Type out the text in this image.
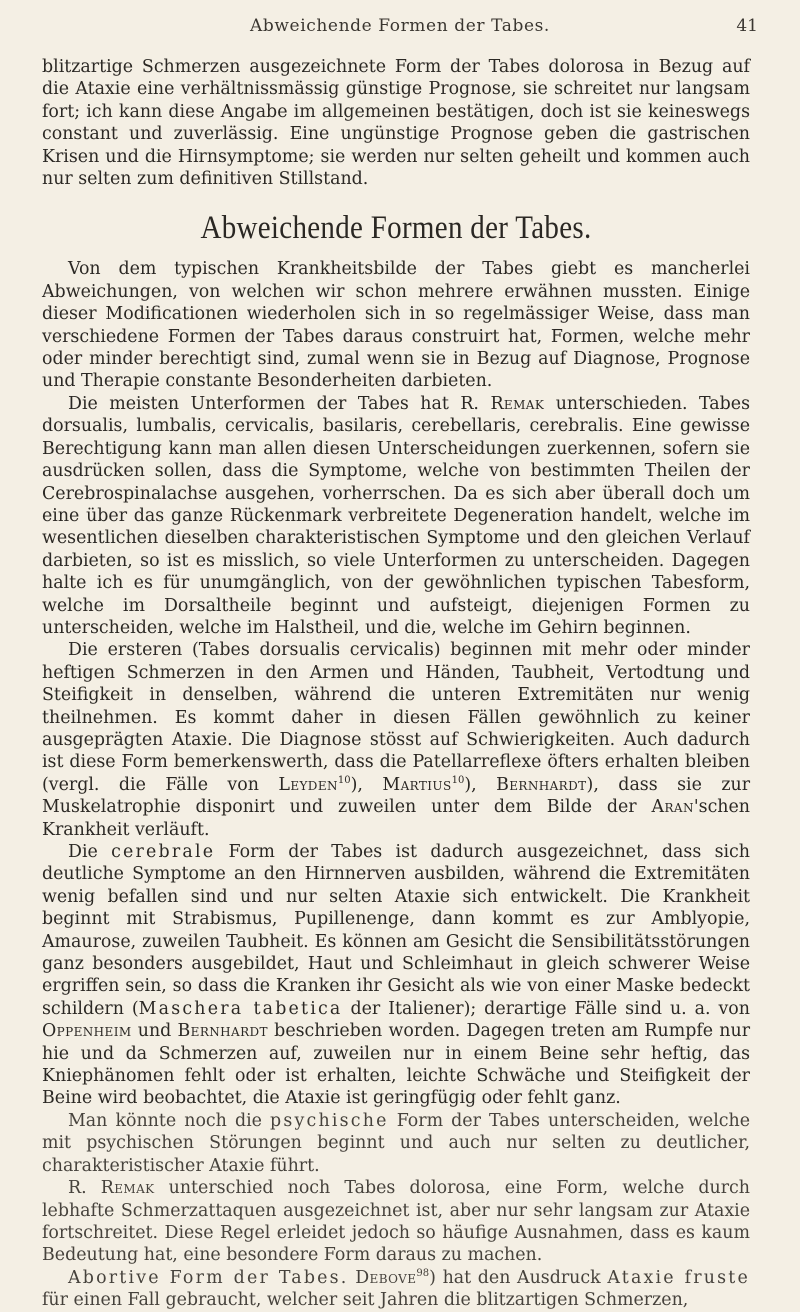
Abweichende Formen der Tabes.	41

blitzartige Schmerzen ausgezeichnete Form der Tabes dolorosa in Bezug auf die Ataxie eine verhältnissmässig günstige Prognose, sie schreitet nur langsam fort; ich kann diese Angabe im allgemeinen bestätigen, doch ist sie keineswegs constant und zuverlässig. Eine ungünstige Prognose geben die gastrischen Krisen und die Hirnsymptome; sie werden nur selten geheilt und kommen auch nur selten zum definitiven Stillstand.

Abweichende Formen der Tabes.

Von dem typischen Krankheitsbilde der Tabes giebt es mancherlei Abweichungen, von welchen wir schon mehrere erwähnen mussten. Einige dieser Modificationen wiederholen sich in so regelmässiger Weise, dass man verschiedene Formen der Tabes daraus construirt hat, Formen, welche mehr oder minder berechtigt sind, zumal wenn sie in Bezug auf Diagnose, Prognose und Therapie constante Besonderheiten darbieten.

Die meisten Unterformen der Tabes hat R. Remak unterschieden. Tabes dorsualis, lumbalis, cervicalis, basilaris, cerebellaris, cerebralis. Eine gewisse Berechtigung kann man allen diesen Unterscheidungen zuerkennen, sofern sie ausdrücken sollen, dass die Symptome, welche von bestimmten Theilen der Cerebrospinalachse ausgehen, vorherrschen. Da es sich aber überall doch um eine über das ganze Rückenmark verbreitete Degeneration handelt, welche im wesentlichen dieselben charakteristischen Symptome und den gleichen Verlauf darbieten, so ist es misslich, so viele Unterformen zu unterscheiden. Dagegen halte ich es für unumgänglich, von der gewöhnlichen typischen Tabesform, welche im Dorsaltheile beginnt und aufsteigt, diejenigen Formen zu unterscheiden, welche im Halstheil, und die, welche im Gehirn beginnen.

Die ersteren (Tabes dorsualis cervicalis) beginnen mit mehr oder minder heftigen Schmerzen in den Armen und Händen, Taubheit, Vertodtung und Steifigkeit in denselben, während die unteren Extremitäten nur wenig theilnehmen. Es kommt daher in diesen Fällen gewöhnlich zu keiner ausgeprägten Ataxie. Die Diagnose stösst auf Schwierigkeiten. Auch dadurch ist diese Form bemerkenswerth, dass die Patellarreflexe öfters erhalten bleiben (vergl. die Fälle von Leyden$^{10}$), Martius$^{10}$), Bernhardt), dass sie zur Muskelatrophie disponirt und zuweilen unter dem Bilde der Aran'schen Krankheit verläuft.

Die cerebrale Form der Tabes ist dadurch ausgezeichnet, dass sich deutliche Symptome an den Hirnnerven ausbilden, während die Extremitäten wenig befallen sind und nur selten Ataxie sich entwickelt. Die Krankheit beginnt mit Strabismus, Pupillenenge, dann kommt es zur Amblyopie, Amaurose, zuweilen Taubheit. Es können am Gesicht die Sensibilitätsstörungen ganz besonders ausgebildet, Haut und Schleimhaut in gleich schwerer Weise ergriffen sein, so dass die Kranken ihr Gesicht als wie von einer Maske bedeckt schildern (Maschera tabetica der Italiener); derartige Fälle sind u. a. von Oppenheim und Bernhardt beschrieben worden. Dagegen treten am Rumpfe nur hie und da Schmerzen auf, zuweilen nur in einem Beine sehr heftig, das Kniephänomen fehlt oder ist erhalten, leichte Schwäche und Steifigkeit der Beine wird beobachtet, die Ataxie ist geringfügig oder fehlt ganz.

Man könnte noch die psychische Form der Tabes unterscheiden, welche mit psychischen Störungen beginnt und auch nur selten zu deutlicher, charakteristischer Ataxie führt.

R. Remak unterschied noch Tabes dolorosa, eine Form, welche durch lebhafte Schmerzattaquen ausgezeichnet ist, aber nur sehr langsam zur Ataxie fortschreitet. Diese Regel erleidet jedoch so häufige Ausnahmen, dass es kaum Bedeutung hat, eine besondere Form daraus zu machen.

Abortive Form der Tabes. Debove$^{98}$) hat den Ausdruck Ataxie fruste für einen Fall gebraucht, welcher seit Jahren die blitzartigen Schmerzen,
